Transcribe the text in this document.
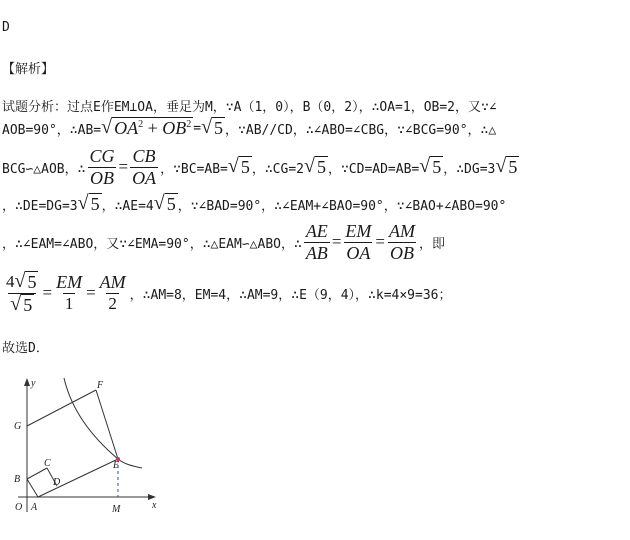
D
【解析】
试题分析：过点E作EM⊥OA，垂足为M，∵A（1，0），B（0，2），∴OA=1，OB=2，又∵∠
AOB=90°，∴AB= √ $OA^2 + OB^2$ = √ 5 ，∵AB//CD，∴∠ABO=∠CBG，∵∠BCG=90°，∴△
BCG∽△AOB，∴ $\frac{CG}{OB} = \frac{CB}{OA}$ ，∵BC=AB= √ 5 ，∴CG=2 √ 5 ，∵CD=AD=AB= √ 5 ，∴DG=3 √ 5
，∴DE=DG=3 √ 5 ，∴AE=4 √ 5 ，∵∠BAD=90°，∴∠EAM+∠BAO=90°，∵∠BAO+∠ABO=90°
，∴∠EAM=∠ABO，又∵∠EMA=90°，∴△EAM∽△ABO，∴ $\frac{AE}{AB} = \frac{EM}{OA} = \frac{AM}{OB}$ ，即
$\frac{4 √ 5}{√ 5} = \frac{EM}{1} = \frac{AM}{2}$ ，∴AM=8，EM=4，∴AM=9，∴E（9，4），∴k=4×9=36；
故选D．
y
x
F
G
C
B	D
E
O A	M
